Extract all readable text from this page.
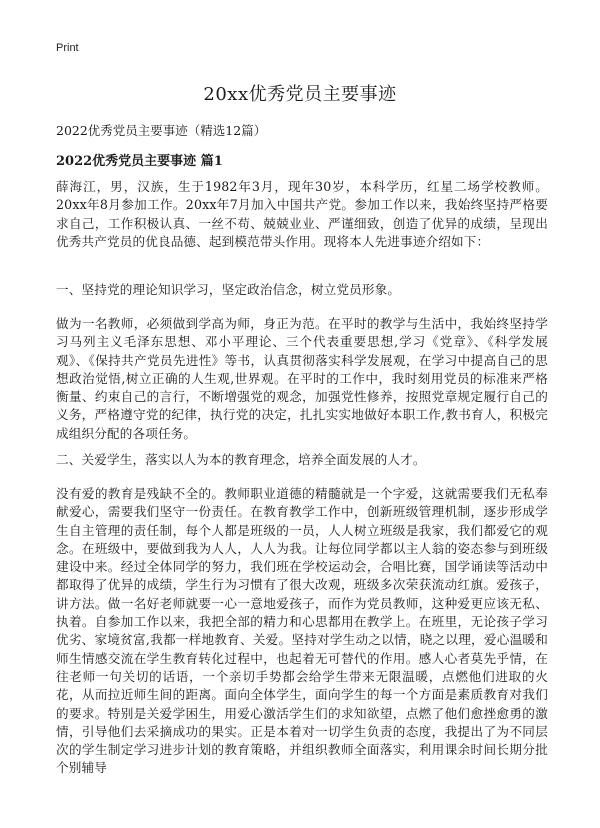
Print
20xx优秀党员主要事迹

2022优秀党员主要事迹（精选12篇）

2022优秀党员主要事迹 篇1

薛海江，男，汉族，生于1982年3月，现年30岁，本科学历，红星二场学校教师。20xx年8月参加工作。20xx年7月加入中国共产党。参加工作以来，我始终坚持严格要求自己，工作积极认真、一丝不苟、兢兢业业、严谨细致，创造了优异的成绩，呈现出优秀共产党员的优良品德、起到模范带头作用。现将本人先进事迹介绍如下：

一、坚持党的理论知识学习，坚定政治信念，树立党员形象。

做为一名教师，必须做到学高为师，身正为范。在平时的教学与生活中，我始终坚持学习马列主义毛泽东思想、邓小平理论、三个代表重要思想,学习《党章》、《科学发展观》、《保持共产党员先进性》等书，认真贯彻落实科学发展观，在学习中提高自己的思想政治觉悟,树立正确的人生观,世界观。在平时的工作中，我时刻用党员的标准来严格衡量、约束自己的言行，不断增强党的观念，加强党性修养，按照党章规定履行自己的义务，严格遵守党的纪律，执行党的决定，扎扎实实地做好本职工作,教书育人，积极完成组织分配的各项任务。

二、关爱学生，落实以人为本的教育理念，培养全面发展的人才。

没有爱的教育是残缺不全的。教师职业道德的精髓就是一个字爱，这就需要我们无私奉献爱心，需要我们坚守一份责任。在教育教学工作中，创新班级管理机制，逐步形成学生自主管理的责任制，每个人都是班级的一员，人人树立班级是我家，我们都爱它的观念。在班级中，要做到我为人人，人人为我。让每位同学都以主人翁的姿态参与到班级建设中来。经过全体同学的努力，我们班在学校运动会，合唱比赛，国学诵读等活动中都取得了优异的成绩，学生行为习惯有了很大改观，班级多次荣获流动红旗。爱孩子，讲方法。做一名好老师就要一心一意地爱孩子，而作为党员教师，这种爱更应该无私、执着。自参加工作以来，我把全部的精力和心思都用在教学上。在班里，无论孩子学习优劣、家境贫富,我都一样地教育、关爱。坚持对学生动之以情，晓之以理，爱心温暖和师生情感交流在学生教育转化过程中，也起着无可替代的作用。感人心者莫先乎情，在往老师一句关切的话语，一个亲切手势都会给学生带来无限温暖，点燃他们进取的火花，从而拉近师生间的距离。面向全体学生，面向学生的每一个方面是素质教育对我们的要求。特别是关爱学困生，用爱心激活学生们的求知欲望，点燃了他们愈挫愈勇的激情，引导他们去采摘成功的果实。正是本着对一切学生负责的态度，我提出了为不同层次的学生制定学习进步计划的教育策略，并组织教师全面落实，利用课余时间长期分批个别辅导
